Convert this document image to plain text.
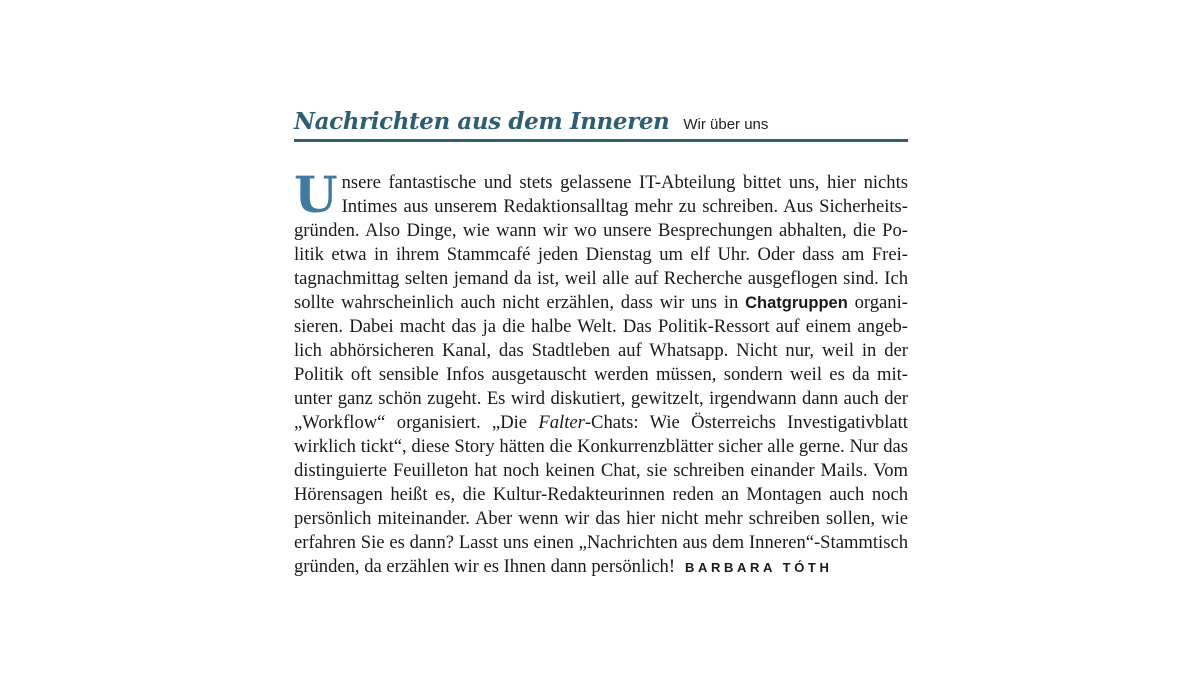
Nachrichten aus dem Inneren Wir über uns
Unsere fantastische und stets gelassene IT-Abteilung bittet uns, hier nichts Intimes aus unserem Redaktionsalltag mehr zu schreiben. Aus Sicherheitsgründen. Also Dinge, wie wann wir wo unsere Besprechungen abhalten, die Politik etwa in ihrem Stammcafé jeden Dienstag um elf Uhr. Oder dass am Freitagnachmittag selten jemand da ist, weil alle auf Recherche ausgeflogen sind. Ich sollte wahrscheinlich auch nicht erzählen, dass wir uns in Chatgruppen organisieren. Dabei macht das ja die halbe Welt. Das Politik-Ressort auf einem angeblich abhörsicheren Kanal, das Stadtleben auf Whatsapp. Nicht nur, weil in der Politik oft sensible Infos ausgetauscht werden müssen, sondern weil es da mitunter ganz schön zugeht. Es wird diskutiert, gewitzelt, irgendwann dann auch der „Workflow“ organisiert. „Die Falter-Chats: Wie Österreichs Investigativblatt wirklich tickt“, diese Story hätten die Konkurrenzblätter sicher alle gerne. Nur das distinguierte Feuilleton hat noch keinen Chat, sie schreiben einander Mails. Vom Hörensagen heißt es, die Kultur-Redakteurinnen reden an Montagen auch noch persönlich miteinander. Aber wenn wir das hier nicht mehr schreiben sollen, wie erfahren Sie es dann? Lasst uns einen „Nachrichten aus dem Inneren“-Stammtisch gründen, da erzählen wir es Ihnen dann persönlich! BARBARA TÓTH
